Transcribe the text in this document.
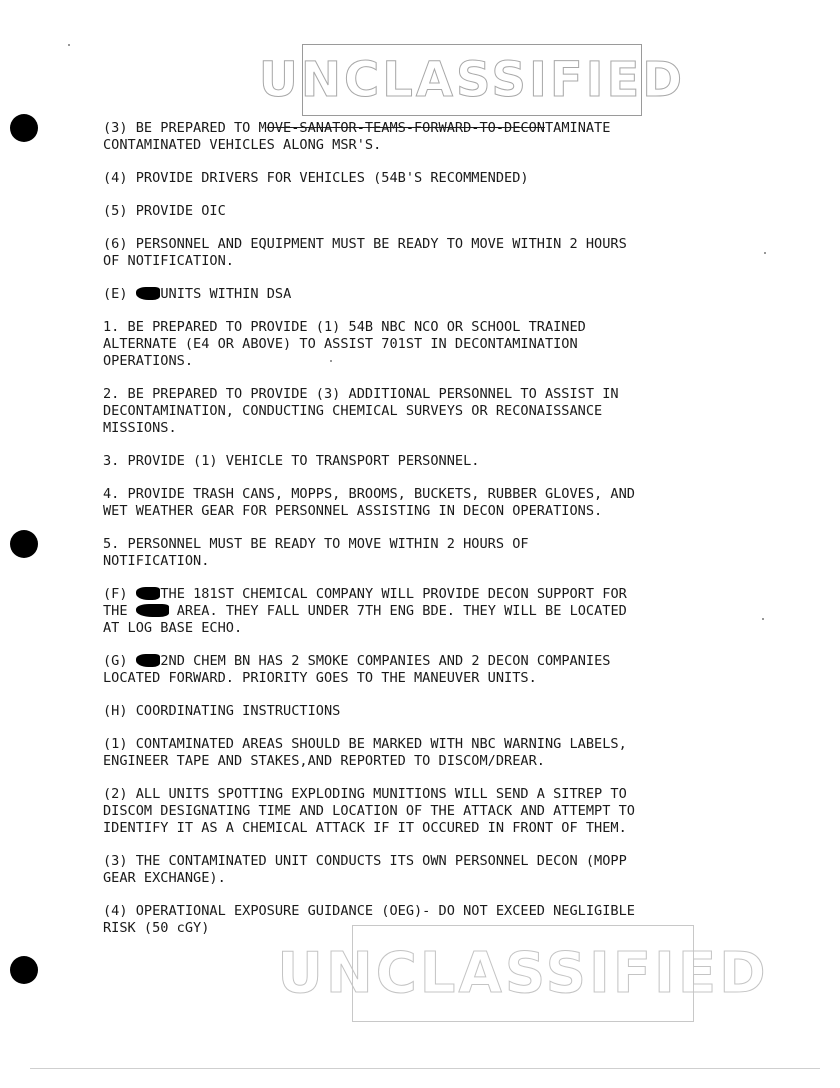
UNCLASSIFIED
(3) BE PREPARED TO MOVE-SANATOR-TEAMS-FORWARD-TO-DECONTAMINATE
CONTAMINATED VEHICLES ALONG MSR'S.
(4) PROVIDE DRIVERS FOR VEHICLES (54B'S RECOMMENDED)
(5) PROVIDE OIC
(6) PERSONNEL AND EQUIPMENT MUST BE READY TO MOVE WITHIN 2 HOURS
OF NOTIFICATION.
(E) UNITS WITHIN DSA
1. BE PREPARED TO PROVIDE (1) 54B NBC NCO OR SCHOOL TRAINED
ALTERNATE (E4 OR ABOVE) TO ASSIST 701ST IN DECONTAMINATION
OPERATIONS.
2. BE PREPARED TO PROVIDE (3) ADDITIONAL PERSONNEL TO ASSIST IN
DECONTAMINATION, CONDUCTING CHEMICAL SURVEYS OR RECONAISSANCE
MISSIONS.
3. PROVIDE (1) VEHICLE TO TRANSPORT PERSONNEL.
4. PROVIDE TRASH CANS, MOPPS, BROOMS, BUCKETS, RUBBER GLOVES, AND
WET WEATHER GEAR FOR PERSONNEL ASSISTING IN DECON OPERATIONS.
5. PERSONNEL MUST BE READY TO MOVE WITHIN 2 HOURS OF
NOTIFICATION.
(F) THE 181ST CHEMICAL COMPANY WILL PROVIDE DECON SUPPORT FOR
THE	AREA. THEY FALL UNDER 7TH ENG BDE. THEY WILL BE LOCATED
AT LOG BASE ECHO.
(G) 2ND CHEM BN HAS 2 SMOKE COMPANIES AND 2 DECON COMPANIES
LOCATED FORWARD. PRIORITY GOES TO THE MANEUVER UNITS.
(H) COORDINATING INSTRUCTIONS
(1) CONTAMINATED AREAS SHOULD BE MARKED WITH NBC WARNING LABELS,
ENGINEER TAPE AND STAKES,AND REPORTED TO DISCOM/DREAR.
(2) ALL UNITS SPOTTING EXPLODING MUNITIONS WILL SEND A SITREP TO
DISCOM DESIGNATING TIME AND LOCATION OF THE ATTACK AND ATTEMPT TO
IDENTIFY IT AS A CHEMICAL ATTACK IF IT OCCURED IN FRONT OF THEM.
(3) THE CONTAMINATED UNIT CONDUCTS ITS OWN PERSONNEL DECON (MOPP
GEAR EXCHANGE).
(4) OPERATIONAL EXPOSURE GUIDANCE (OEG)- DO NOT EXCEED NEGLIGIBLE
RISK (50 cGY)
UNCLASSIFIED
